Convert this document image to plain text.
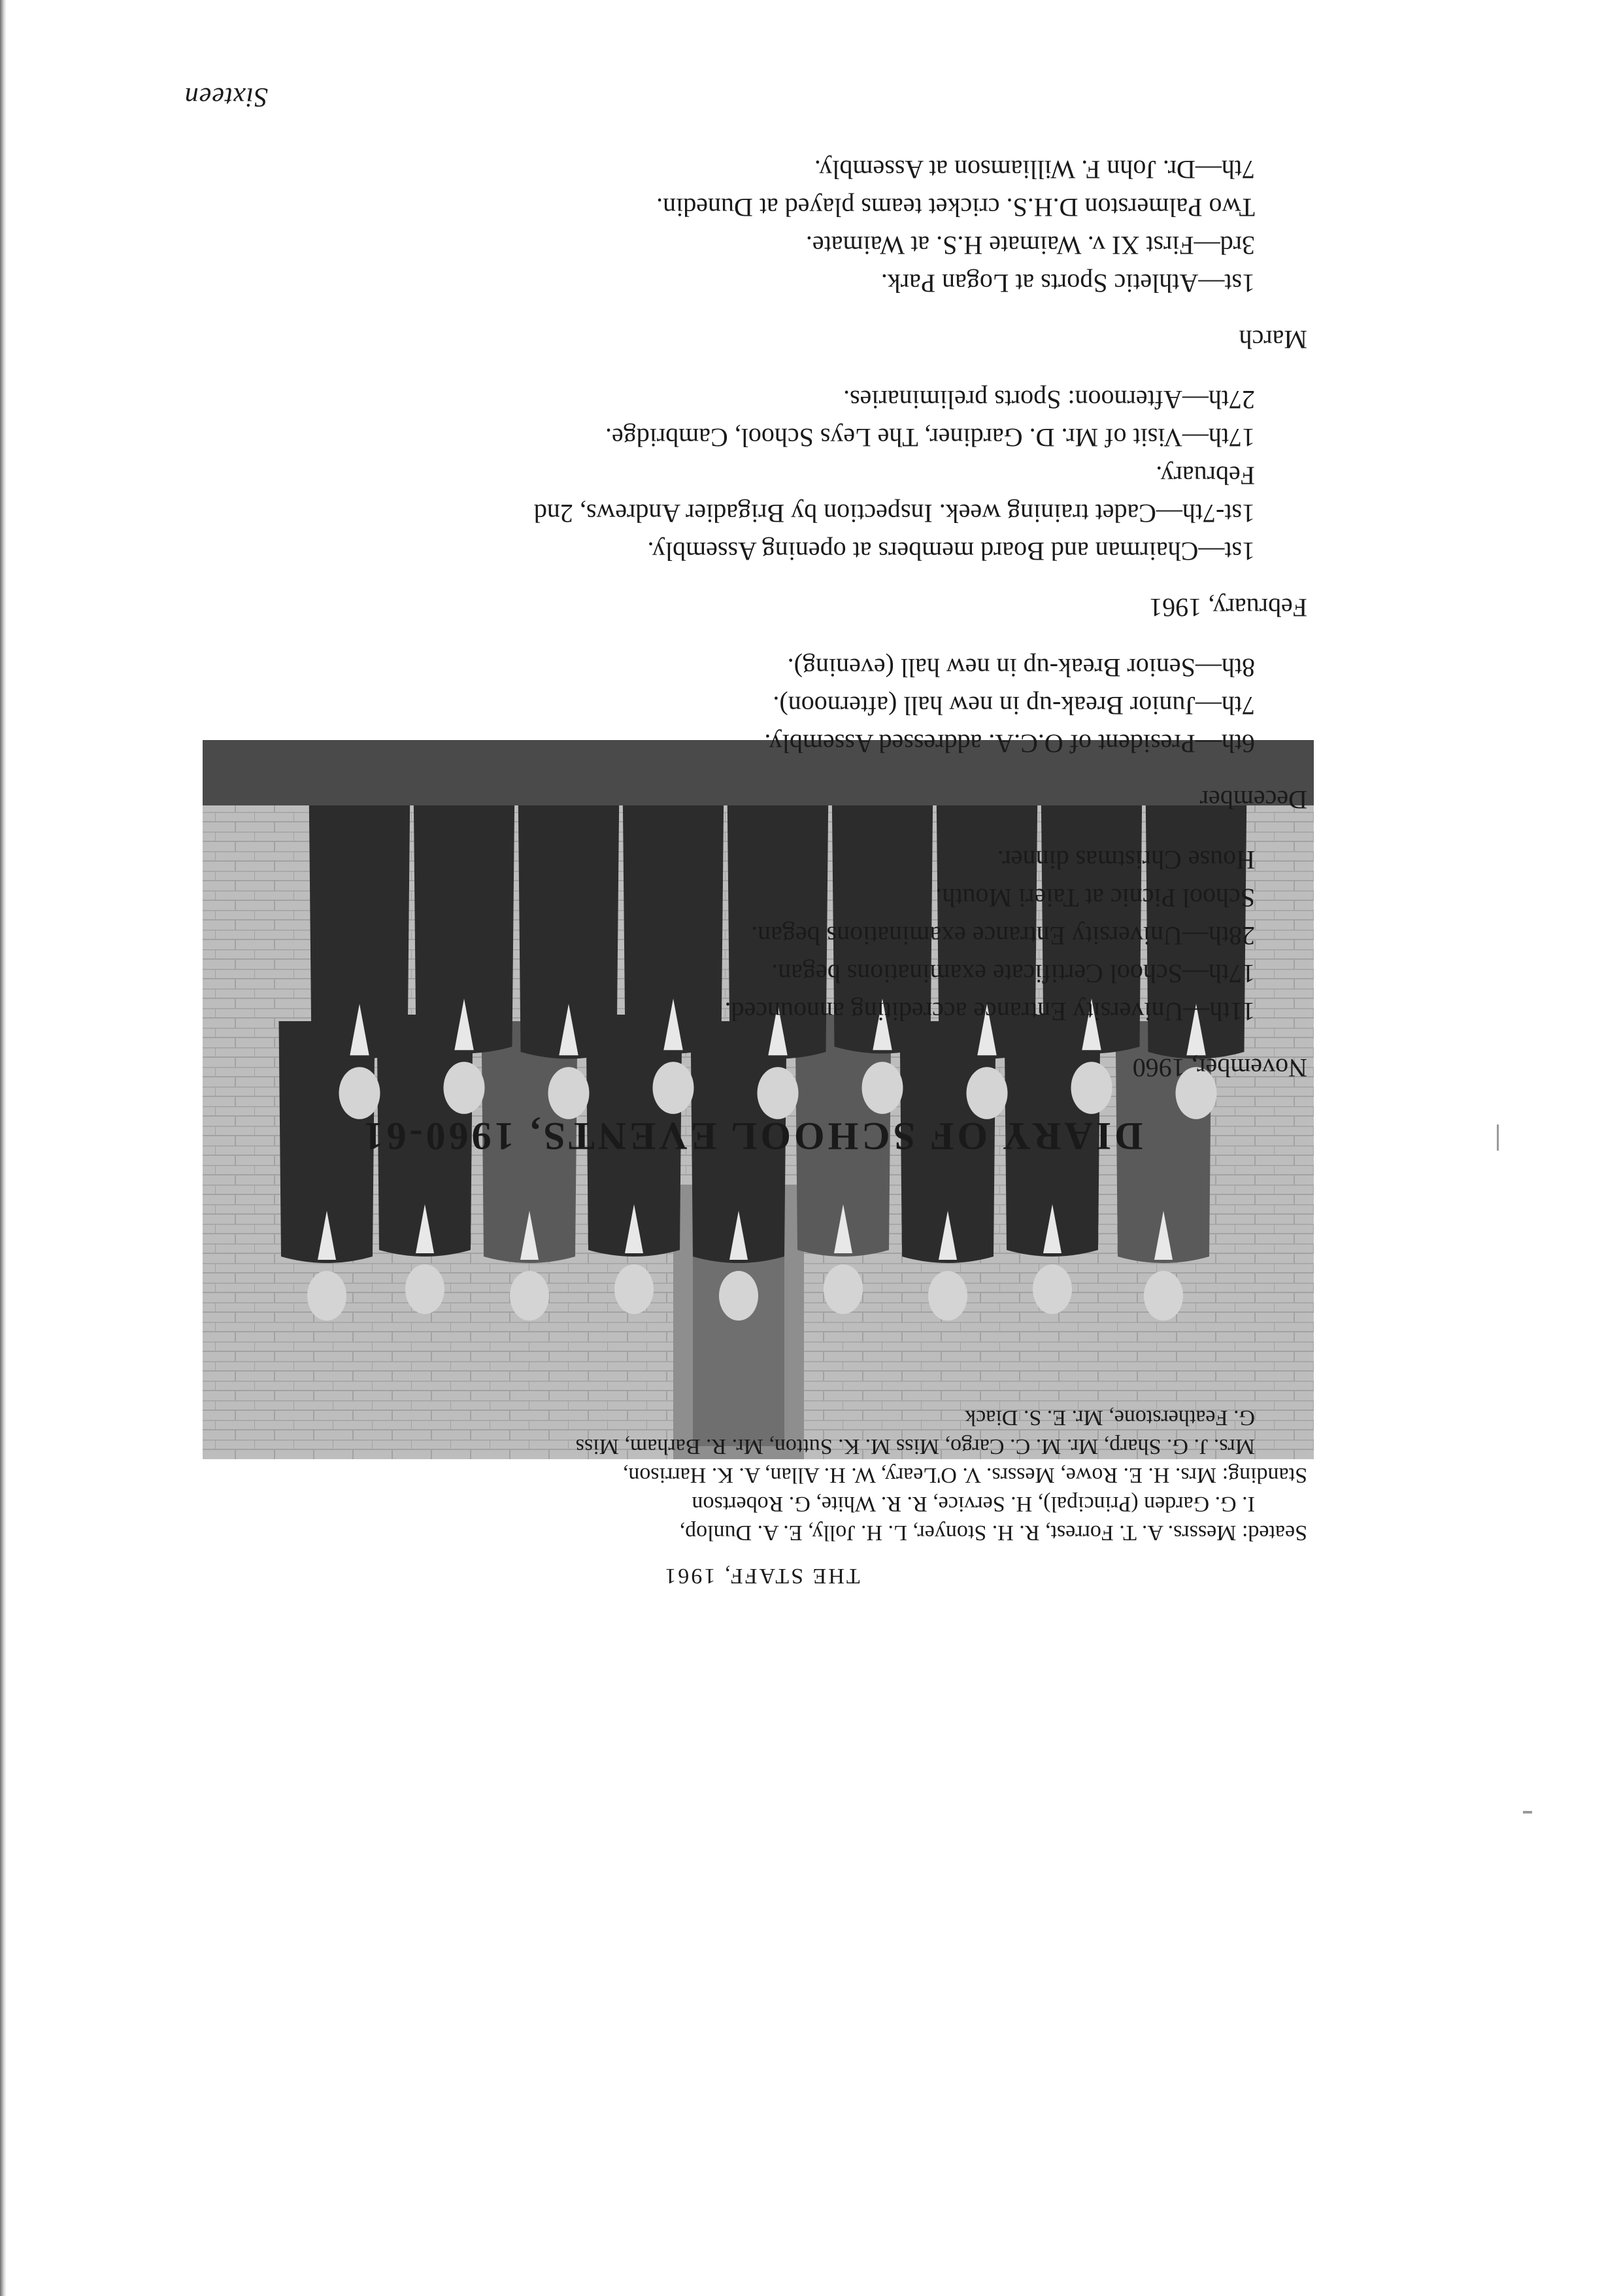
Sixteen
THE STAFF, 1961
Seated: Messrs. A. T. Forrest, R. H. Stonyer, L. H. Jolly, E. A. Dunlop,
I. G. Garden (Principal), H. Service, R. R. White, G. Robertson
Standing: Mrs. H. E. Rowe, Messrs. V. O'Leary, W. H. Allan, A. K. Harrison,
Mrs. J. G. Sharp, Mr. M. C. Cargo, Miss M. K. Sutton, Mr. R. Barham, Miss
G. Featherstone, Mr. E. S. Diack
DIARY OF SCHOOL EVENTS, 1960-61
November, 1960
11th—University Entrance accrediting announced.
17th—School Certificate examinations began.
28th—University Entrance examinations began.
School Picnic at Taieri Mouth.
House Christmas dinner.
December
6th—President of O.C.A. addressed Assembly.
7th—Junior Break-up in new hall (afternoon).
8th—Senior Break-up in new hall (evening).
February, 1961
1st—Chairman and Board members at opening Assembly.
1st-7th—Cadet training week. Inspection by Brigadier Andrews, 2nd
February.
17th—Visit of Mr. D. Gardiner, The Leys School, Cambridge.
27th—Afternoon: Sports preliminaries.
March
1st—Athletic Sports at Logan Park.
3rd—First XI v. Waimate H.S. at Waimate.
Two Palmerston D.H.S. cricket teams played at Dunedin.
7th—Dr. John F. Williamson at Assembly.
